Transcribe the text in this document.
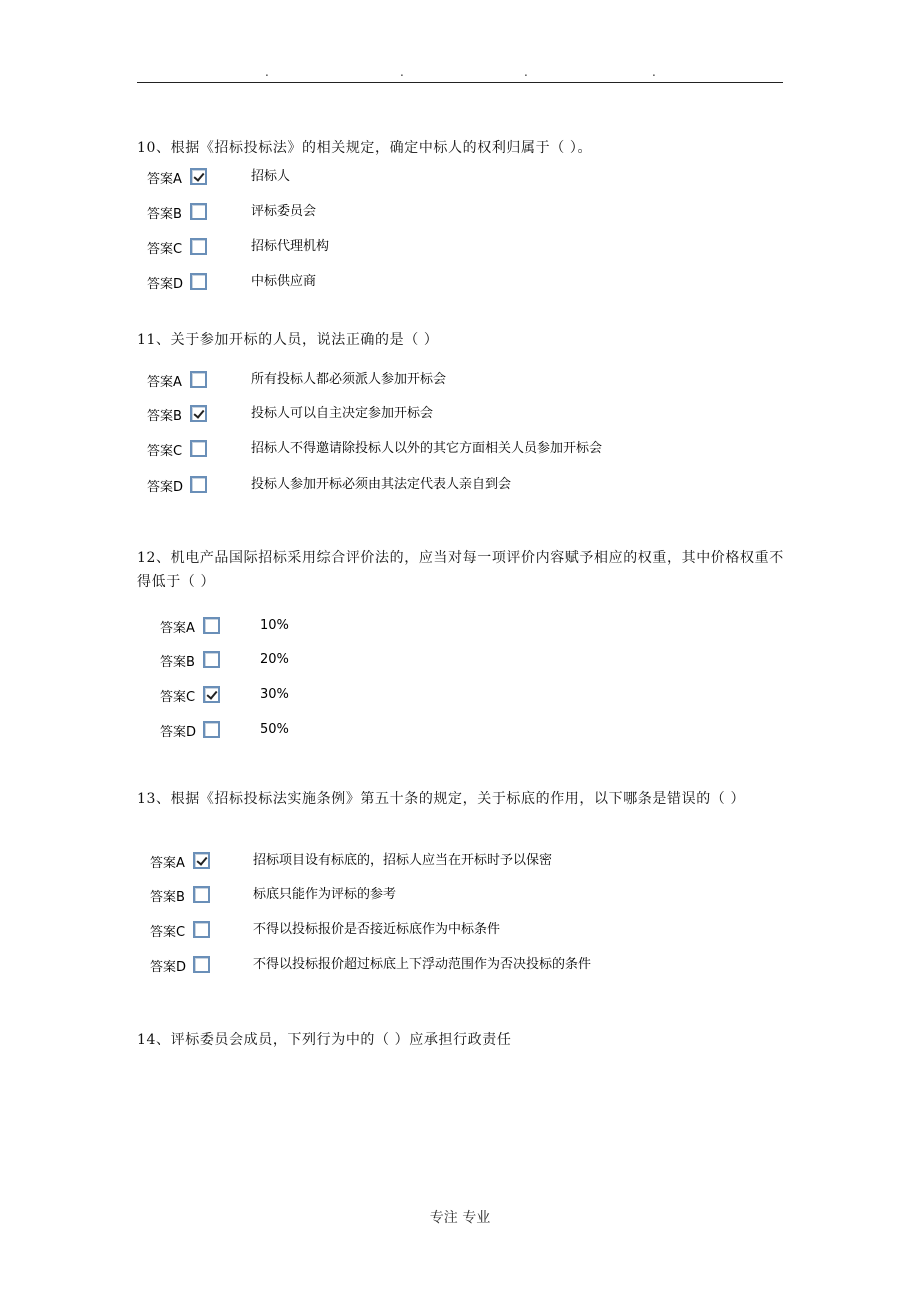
.	.	.	.

10、根据《招标投标法》的相关规定，确定中标人的权利归属于（ ）。

答案A	招标人
答案B	评标委员会
答案C	招标代理机构
答案D	中标供应商

11、关于参加开标的人员，说法正确的是（ ）

答案A	所有投标人都必须派人参加开标会
答案B	投标人可以自主决定参加开标会
答案C	招标人不得邀请除投标人以外的其它方面相关人员参加开标会
答案D	投标人参加开标必须由其法定代表人亲自到会

12、机电产品国际招标采用综合评价法的，应当对每一项评价内容赋予相应的权重，其中价格权重不得低于（ ）

答案A	10%
答案B	20%
答案C	30%
答案D	50%

13、根据《招标投标法实施条例》第五十条的规定，关于标底的作用，以下哪条是错误的（ ）

答案A	招标项目设有标底的，招标人应当在开标时予以保密
答案B	标底只能作为评标的参考
答案C	不得以投标报价是否接近标底作为中标条件
答案D	不得以投标报价超过标底上下浮动范围作为否决投标的条件

14、评标委员会成员，下列行为中的（ ）应承担行政责任

专注 专业
